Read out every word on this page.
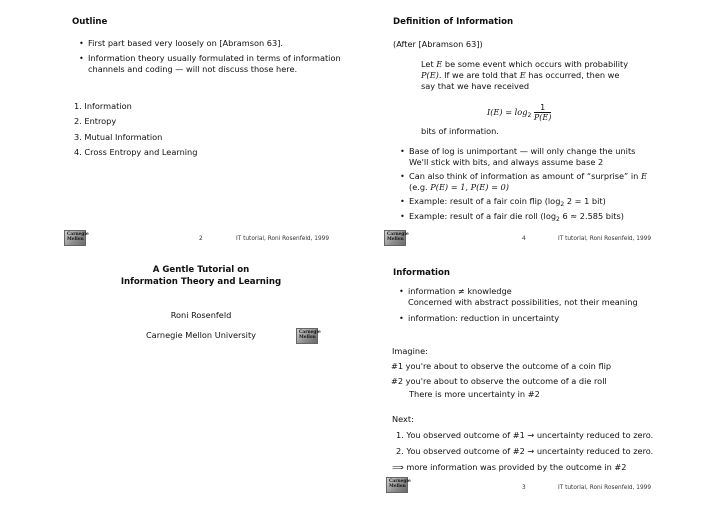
Outline
• First part based very loosely on [Abramson 63].
• Information theory usually formulated in terms of information
channels and coding — will not discuss those here.
1. Information
2. Entropy
3. Mutual Information
4. Cross Entropy and Learning
Carnegie
Mellon	2	IT tutorial, Roni Rosenfeld, 1999
Definition of Information
(After [Abramson 63])
Let E be some event which occurs with probability
P(E). If we are told that E has occurred, then we
say that we have received
$I(E) = \log_2 \frac{1}{P(E)}$
bits of information.
• Base of log is unimportant — will only change the units
We'll stick with bits, and always assume base 2
• Can also think of information as amount of “surprise” in E
(e.g. P(E) = 1, P(E) = 0)
• Example: result of a fair coin flip ($\log_2$ 2 = 1 bit)
• Example: result of a fair die roll ($\log_2$ 6 ≈ 2.585 bits)
Carnegie
Mellon	4	IT tutorial, Roni Rosenfeld, 1999
A Gentle Tutorial on
Information Theory and Learning
Roni Rosenfeld
Carnegie Mellon University	Carnegie
Mellon
Information
• information ≠ knowledge
Concerned with abstract possibilities, not their meaning
• information: reduction in uncertainty
Imagine:
#1 you're about to observe the outcome of a coin flip
#2 you're about to observe the outcome of a die roll
There is more uncertainty in #2
Next:
1. You observed outcome of #1 → uncertainty reduced to zero.
2. You observed outcome of #2 → uncertainty reduced to zero.
⟹ more information was provided by the outcome in #2
Carnegie
Mellon	3	IT tutorial, Roni Rosenfeld, 1999
